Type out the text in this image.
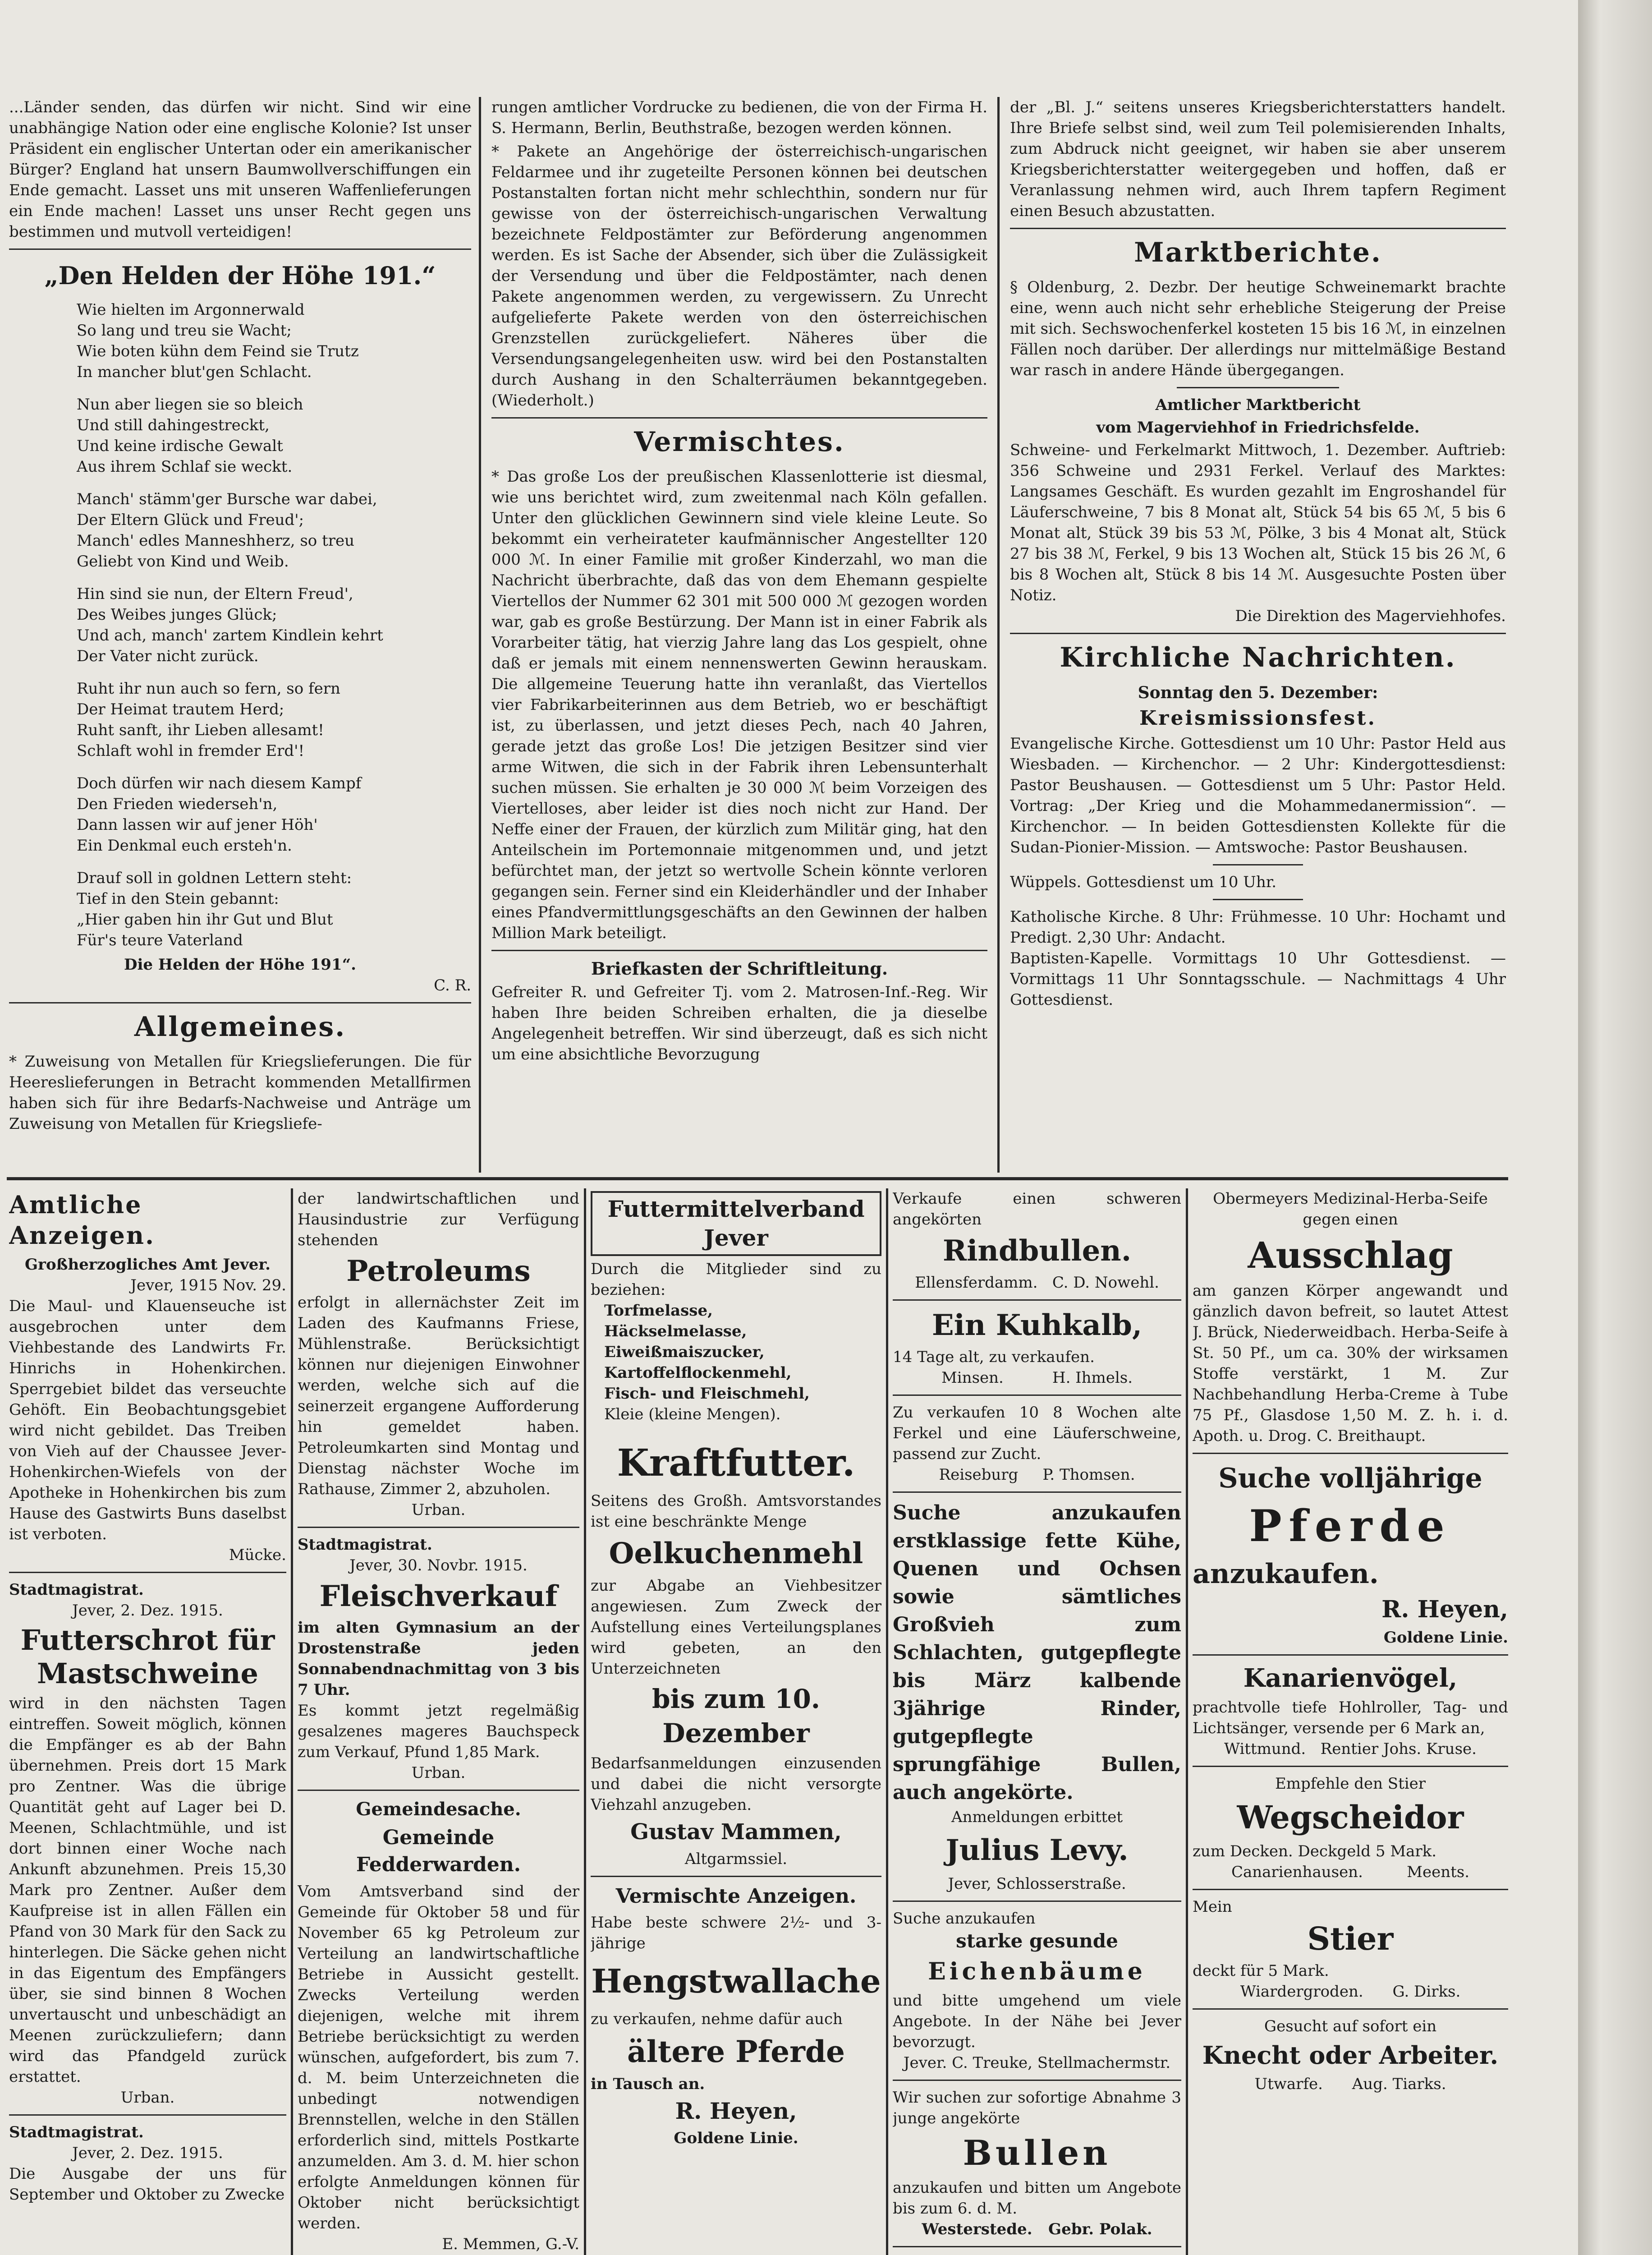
...Länder senden, das dürfen wir nicht. Sind wir eine unabhängige Nation oder eine englische Kolonie? Ist unser Präsident ein englischer Untertan oder ein amerikanischer Bürger? England hat unsern Baumwollverschiffungen ein Ende gemacht. Lasset uns mit unseren Waffenlieferungen ein Ende machen! Lasset uns unser Recht gegen uns bestimmen und mutvoll verteidigen!

„Den Helden der Höhe 191.“

Wie hielten im Argonnerwald

So lang und treu sie Wacht;

Wie boten kühn dem Feind sie Trutz

In mancher blut'gen Schlacht.

Nun aber liegen sie so bleich

Und still dahingestreckt,

Und keine irdische Gewalt

Aus ihrem Schlaf sie weckt.

Manch' stämm'ger Bursche war dabei,

Der Eltern Glück und Freud';

Manch' edles Manneshherz, so treu

Geliebt von Kind und Weib.

Hin sind sie nun, der Eltern Freud',

Des Weibes junges Glück;

Und ach, manch' zartem Kindlein kehrt

Der Vater nicht zurück.

Ruht ihr nun auch so fern, so fern

Der Heimat trautem Herd;

Ruht sanft, ihr Lieben allesamt!

Schlaft wohl in fremder Erd'!

Doch dürfen wir nach diesem Kampf

Den Frieden wiederseh'n,

Dann lassen wir auf jener Höh'

Ein Denkmal euch ersteh'n.

Drauf soll in goldnen Lettern steht:

Tief in den Stein gebannt:

„Hier gaben hin ihr Gut und Blut

Für's teure Vaterland

Die Helden der Höhe 191“.

C. R.

Allgemeines.

* Zuweisung von Metallen für Kriegslieferungen. Die für Heereslieferungen in Betracht kommenden Metallfirmen haben sich für ihre Bedarfs-Nachweise und Anträge um Zuweisung von Metallen für Kriegsliefe-

rungen amtlicher Vordrucke zu bedienen, die von der Firma H. S. Hermann, Berlin, Beuthstraße, bezogen werden können.

* Pakete an Angehörige der österreichisch-ungarischen Feldarmee und ihr zugeteilte Personen können bei deutschen Postanstalten fortan nicht mehr schlechthin, sondern nur für gewisse von der österreichisch-ungarischen Verwaltung bezeichnete Feldpostämter zur Beförderung angenommen werden. Es ist Sache der Absender, sich über die Zulässigkeit der Versendung und über die Feldpostämter, nach denen Pakete angenommen werden, zu vergewissern. Zu Unrecht aufgelieferte Pakete werden von den österreichischen Grenzstellen zurückgeliefert. Näheres über die Versendungsangelegenheiten usw. wird bei den Postanstalten durch Aushang in den Schalterräumen bekanntgegeben. (Wiederholt.)

Vermischtes.

* Das große Los der preußischen Klassenlotterie ist diesmal, wie uns berichtet wird, zum zweitenmal nach Köln gefallen. Unter den glücklichen Gewinnern sind viele kleine Leute. So bekommt ein verheirateter kaufmännischer Angestellter 120 000 ℳ. In einer Familie mit großer Kinderzahl, wo man die Nachricht überbrachte, daß das von dem Ehemann gespielte Viertellos der Nummer 62 301 mit 500 000 ℳ gezogen worden war, gab es große Bestürzung. Der Mann ist in einer Fabrik als Vorarbeiter tätig, hat vierzig Jahre lang das Los gespielt, ohne daß er jemals mit einem nennenswerten Gewinn herauskam. Die allgemeine Teuerung hatte ihn veranlaßt, das Viertellos vier Fabrikarbeiterinnen aus dem Betrieb, wo er beschäftigt ist, zu überlassen, und jetzt dieses Pech, nach 40 Jahren, gerade jetzt das große Los! Die jetzigen Besitzer sind vier arme Witwen, die sich in der Fabrik ihren Lebensunterhalt suchen müssen. Sie erhalten je 30 000 ℳ beim Vorzeigen des Viertelloses, aber leider ist dies noch nicht zur Hand. Der Neffe einer der Frauen, der kürzlich zum Militär ging, hat den Anteilschein im Portemonnaie mitgenommen und, und jetzt befürchtet man, der jetzt so wertvolle Schein könnte verloren gegangen sein. Ferner sind ein Kleiderhändler und der Inhaber eines Pfandvermittlungsgeschäfts an den Gewinnen der halben Million Mark beteiligt.

Briefkasten der Schriftleitung.

Gefreiter R. und Gefreiter Tj. vom 2. Matrosen-Inf.-Reg. Wir haben Ihre beiden Schreiben erhalten, die ja dieselbe Angelegenheit betreffen. Wir sind überzeugt, daß es sich nicht um eine absichtliche Bevorzugung

der „Bl. J.“ seitens unseres Kriegsberichterstatters handelt. Ihre Briefe selbst sind, weil zum Teil polemisierenden Inhalts, zum Abdruck nicht geeignet, wir haben sie aber unserem Kriegsberichterstatter weitergegeben und hoffen, daß er Veranlassung nehmen wird, auch Ihrem tapfern Regiment einen Besuch abzustatten.

Marktberichte.

§ Oldenburg, 2. Dezbr. Der heutige Schweinemarkt brachte eine, wenn auch nicht sehr erhebliche Steigerung der Preise mit sich. Sechswochenferkel kosteten 15 bis 16 ℳ, in einzelnen Fällen noch darüber. Der allerdings nur mittelmäßige Bestand war rasch in andere Hände übergegangen.

Amtlicher Marktbericht
vom Magerviehhof in Friedrichsfelde.

Schweine- und Ferkelmarkt Mittwoch, 1. Dezember. Auftrieb: 356 Schweine und 2931 Ferkel. Verlauf des Marktes: Langsames Geschäft. Es wurden gezahlt im Engroshandel für Läuferschweine, 7 bis 8 Monat alt, Stück 54 bis 65 ℳ, 5 bis 6 Monat alt, Stück 39 bis 53 ℳ, Pölke, 3 bis 4 Monat alt, Stück 27 bis 38 ℳ, Ferkel, 9 bis 13 Wochen alt, Stück 15 bis 26 ℳ, 6 bis 8 Wochen alt, Stück 8 bis 14 ℳ. Ausgesuchte Posten über Notiz.

Die Direktion des Magerviehhofes.

Kirchliche Nachrichten.
Sonntag den 5. Dezember:
Kreismissionsfest.

Evangelische Kirche. Gottesdienst um 10 Uhr: Pastor Held aus Wiesbaden. — Kirchenchor. — 2 Uhr: Kindergottesdienst: Pastor Beushausen. — Gottesdienst um 5 Uhr: Pastor Held. Vortrag: „Der Krieg und die Mohammedanermission“. — Kirchenchor. — In beiden Gottesdiensten Kollekte für die Sudan-Pionier-Mission. — Amtswoche: Pastor Beushausen.

Wüppels. Gottesdienst um 10 Uhr.

Katholische Kirche. 8 Uhr: Frühmesse. 10 Uhr: Hochamt und Predigt. 2,30 Uhr: Andacht.

Baptisten-Kapelle. Vormittags 10 Uhr Gottesdienst. — Vormittags 11 Uhr Sonntagsschule. — Nachmittags 4 Uhr Gottesdienst.

Amtliche Anzeigen.

Großherzogliches Amt Jever.

Jever, 1915 Nov. 29.

Die Maul- und Klauenseuche ist ausgebrochen unter dem Viehbestande des Landwirts Fr. Hinrichs in Hohenkirchen. Sperrgebiet bildet das verseuchte Gehöft. Ein Beobachtungsgebiet wird nicht gebildet. Das Treiben von Vieh auf der Chaussee Jever-Hohenkirchen-Wiefels von der Apotheke in Hohenkirchen bis zum Hause des Gastwirts Buns daselbst ist verboten.

Mücke.

Stadtmagistrat.

Jever, 2. Dez. 1915.

Futterschrot für Mastschweine

wird in den nächsten Tagen eintreffen. Soweit möglich, können die Empfänger es ab der Bahn übernehmen. Preis dort 15 Mark pro Zentner. Was die übrige Quantität geht auf Lager bei D. Meenen, Schlachtmühle, und ist dort binnen einer Woche nach Ankunft abzunehmen. Preis 15,30 Mark pro Zentner. Außer dem Kaufpreise ist in allen Fällen ein Pfand von 30 Mark für den Sack zu hinterlegen. Die Säcke gehen nicht in das Eigentum des Empfängers über, sie sind binnen 8 Wochen unvertauscht und unbeschädigt an Meenen zurückzuliefern; dann wird das Pfandgeld zurück erstattet.

Urban.

Stadtmagistrat.

Jever, 2. Dez. 1915.

Die Ausgabe der uns für September und Oktober zu Zwecke

der landwirtschaftlichen und Hausindustrie zur Verfügung stehenden

Petroleums

erfolgt in allernächster Zeit im Laden des Kaufmanns Friese, Mühlenstraße. Berücksichtigt können nur diejenigen Einwohner werden, welche sich auf die seinerzeit ergangene Aufforderung hin gemeldet haben. Petroleumkarten sind Montag und Dienstag nächster Woche im Rathause, Zimmer 2, abzuholen.

Urban.

Stadtmagistrat.

Jever, 30. Novbr. 1915.

Fleischverkauf

im alten Gymnasium an der Drostenstraße jeden Sonnabendnachmittag von 3 bis 7 Uhr.

Es kommt jetzt regelmäßig gesalzenes mageres Bauchspeck zum Verkauf, Pfund 1,85 Mark.

Urban.

Gemeindesache.

Gemeinde Fedderwarden.

Vom Amtsverband sind der Gemeinde für Oktober 58 und für November 65 kg Petroleum zur Verteilung an landwirtschaftliche Betriebe in Aussicht gestellt. Zwecks Verteilung werden diejenigen, welche mit ihrem Betriebe berücksichtigt zu werden wünschen, aufgefordert, bis zum 7. d. M. beim Unterzeichneten die unbedingt notwendigen Brennstellen, welche in den Ställen erforderlich sind, mittels Postkarte anzumelden. Am 3. d. M. hier schon erfolgte Anmeldungen können für Oktober nicht berücksichtigt werden.

E. Memmen, G.-V.

Futtermittelverband Jever

Durch die Mitglieder sind zu beziehen:

Torfmelasse,

Häckselmelasse,

Eiweißmaiszucker,

Kartoffelflockenmehl,

Fisch- und Fleischmehl,

Kleie (kleine Mengen).

Kraftfutter.

Seitens des Großh. Amtsvorstandes ist eine beschränkte Menge

Oelkuchenmehl

zur Abgabe an Viehbesitzer angewiesen. Zum Zweck der Aufstellung eines Verteilungsplanes wird gebeten, an den Unterzeichneten

bis zum 10. Dezember

Bedarfsanmeldungen einzusenden und dabei die nicht versorgte Viehzahl anzugeben.

Gustav Mammen,

Altgarmssiel.

Vermischte Anzeigen.

Habe beste schwere 2½- und 3-jährige

Hengstwallache

zu verkaufen, nehme dafür auch

ältere Pferde

in Tausch an.

R. Heyen,

Goldene Linie.

Verkaufe einen schweren angekörten

Rindbullen.

Ellensferdamm.   C. D. Nowehl.

Ein Kuhkalb,

14 Tage alt, zu verkaufen.

Minsen.          H. Ihmels.

Zu verkaufen 10 8 Wochen alte Ferkel und eine Läuferschweine, passend zur Zucht.

Reiseburg     P. Thomsen.

Suche anzukaufen erstklassige fette Kühe, Quenen und Ochsen sowie sämtliches Großvieh zum Schlachten, gutgepflegte bis März kalbende 3jährige Rinder, gutgepflegte sprungfähige Bullen, auch angekörte.

Anmeldungen erbittet

Julius Levy.

Jever, Schlosserstraße.

Suche anzukaufen

starke gesunde

Eichenbäume

und bitte umgehend um viele Angebote. In der Nähe bei Jever bevorzugt.

Jever. C. Treuke, Stellmachermstr.

Wir suchen zur sofortige Abnahme 3 junge angekörte

Bullen

anzukaufen und bitten um Angebote bis zum 6. d. M.

Westerstede.   Gebr. Polak.

Obermeyers Medizinal-Herba-Seife gegen einen

Ausschlag

am ganzen Körper angewandt und gänzlich davon befreit, so lautet Attest J. Brück, Niederweidbach. Herba-Seife à St. 50 Pf., um ca. 30% der wirksamen Stoffe verstärkt, 1 M. Zur Nachbehandlung Herba-Creme à Tube 75 Pf., Glasdose 1,50 M. Z. h. i. d. Apoth. u. Drog. C. Breithaupt.

Suche volljährige

Pferde

anzukaufen.

R. Heyen,

Goldene Linie.

Kanarienvögel,

prachtvolle tiefe Hohlroller, Tag- und Lichtsänger, versende per 6 Mark an,

Wittmund.   Rentier Johs. Kruse.

Empfehle den Stier

Wegscheidor

zum Decken. Deckgeld 5 Mark.

Canarienhausen.         Meents.

Mein

Stier

deckt für 5 Mark.

Wiardergroden.      G. Dirks.

Gesucht auf sofort ein

Knecht oder Arbeiter.

Utwarfe.      Aug. Tiarks.
